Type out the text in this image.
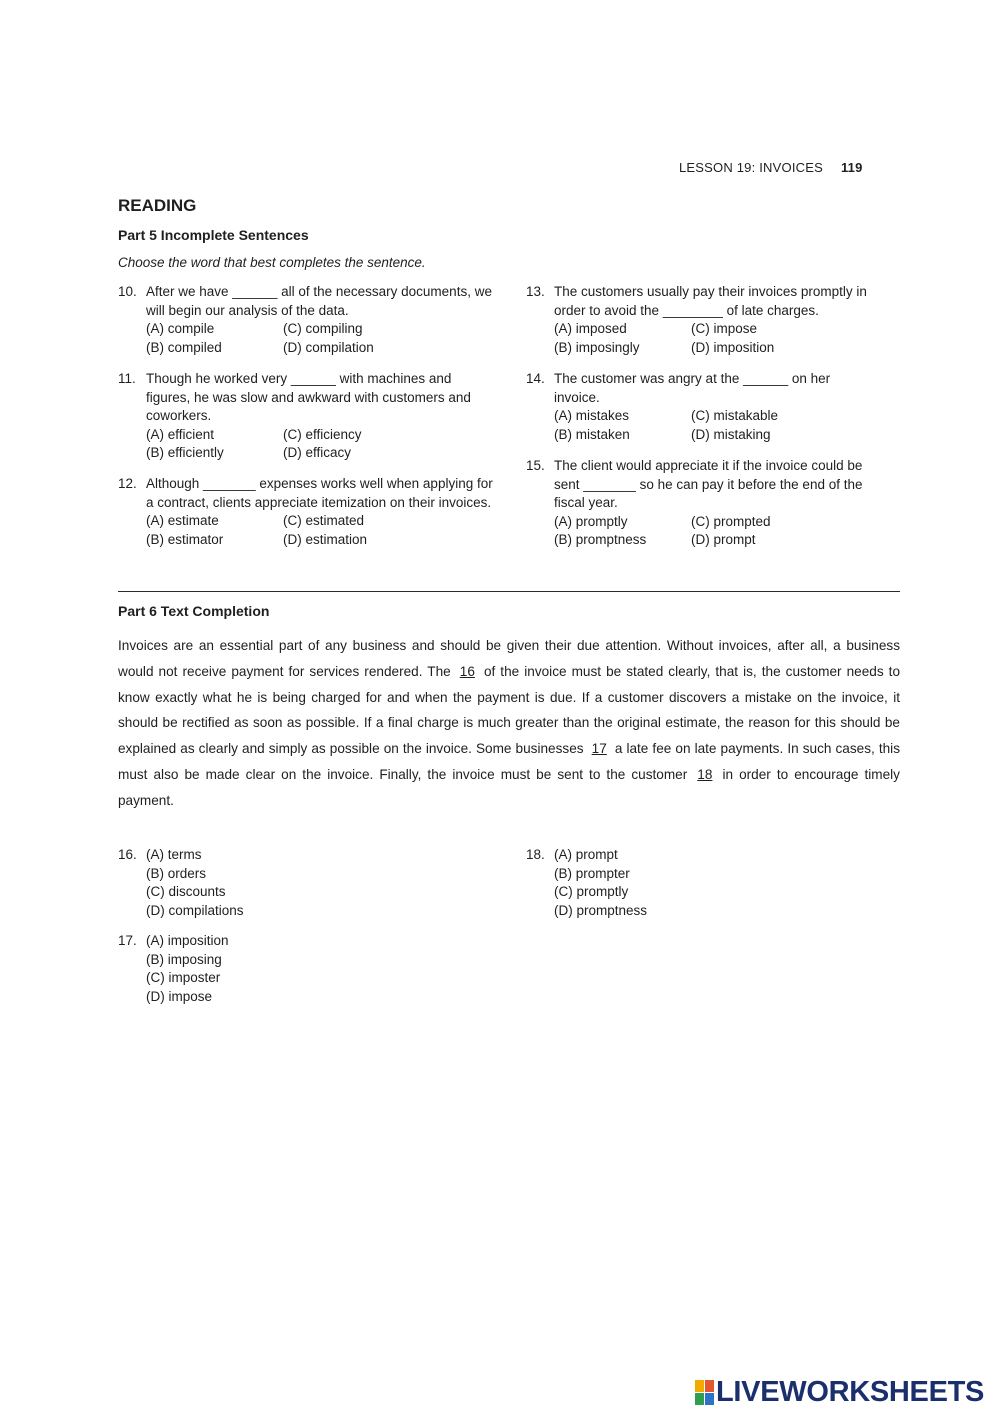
LESSON 19: INVOICES 119
READING
Part 5 Incomplete Sentences
Choose the word that best completes the sentence.
10. After we have ______ all of the necessary documents, we will begin our analysis of the data.
(A) compile	(C) compiling
(B) compiled	(D) compilation
11. Though he worked very ______ with machines and figures, he was slow and awkward with customers and coworkers.
(A) efficient	(C) efficiency
(B) efficiently	(D) efficacy
12. Although _______ expenses works well when applying for a contract, clients appreciate itemization on their invoices.
(A) estimate	(C) estimated
(B) estimator	(D) estimation
13. The customers usually pay their invoices promptly in order to avoid the ________ of late charges.
(A) imposed	(C) impose
(B) imposingly	(D) imposition
14. The customer was angry at the ______ on her invoice.
(A) mistakes	(C) mistakable
(B) mistaken	(D) mistaking
15. The client would appreciate it if the invoice could be sent _______ so he can pay it before the end of the fiscal year.
(A) promptly	(C) prompted
(B) promptness	(D) prompt
Part 6 Text Completion
Invoices are an essential part of any business and should be given their due attention. Without invoices, after all, a business would not receive payment for services rendered. The 16 of the invoice must be stated clearly, that is, the customer needs to know exactly what he is being charged for and when the payment is due. If a customer discovers a mistake on the invoice, it should be rectified as soon as possible. If a final charge is much greater than the original estimate, the reason for this should be explained as clearly and simply as possible on the invoice. Some businesses 17 a late fee on late payments. In such cases, this must also be made clear on the invoice. Finally, the invoice must be sent to the customer 18 in order to encourage timely payment.
16. (A) terms
(B) orders
(C) discounts
(D) compilations
17. (A) imposition
(B) imposing
(C) imposter
(D) impose
18. (A) prompt
(B) prompter
(C) promptly
(D) promptness
LIVEWORKSHEETS
